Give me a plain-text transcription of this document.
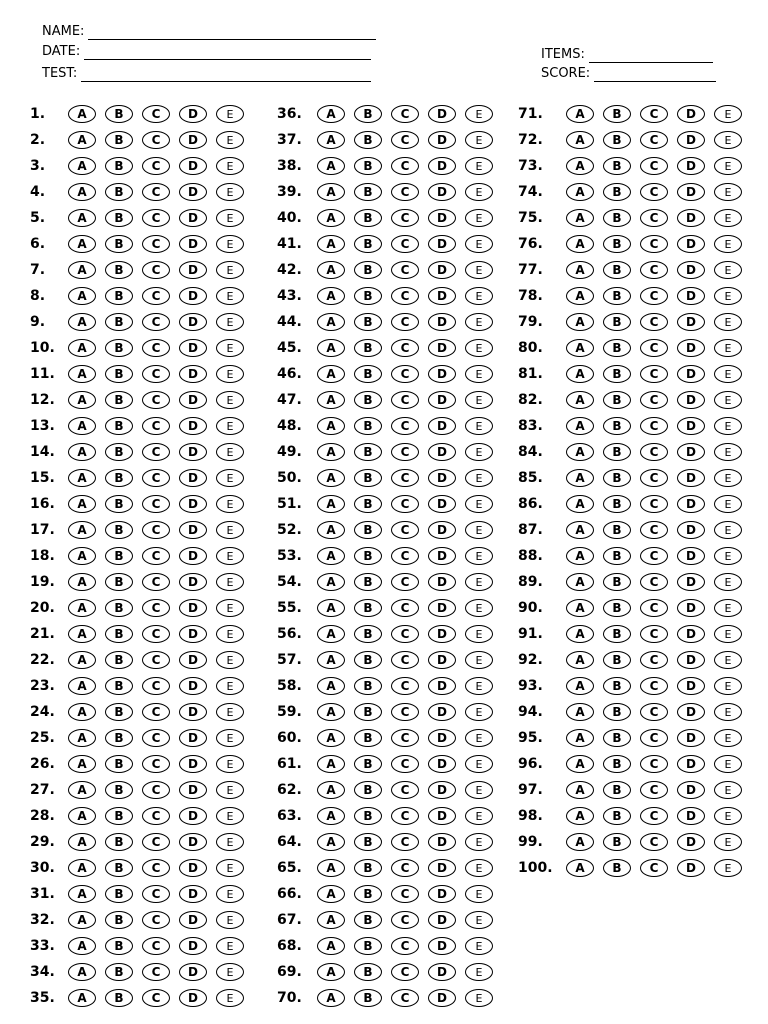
NAME:
DATE:
TEST:
ITEMS:
SCORE:
1.	A	B	C	D	E
2.	A	B	C	D	E
3.	A	B	C	D	E
4.	A	B	C	D	E
5.	A	B	C	D	E
6.	A	B	C	D	E
7.	A	B	C	D	E
8.	A	B	C	D	E
9.	A	B	C	D	E
10.	A	B	C	D	E
11.	A	B	C	D	E
12.	A	B	C	D	E
13.	A	B	C	D	E
14.	A	B	C	D	E
15.	A	B	C	D	E
16.	A	B	C	D	E
17.	A	B	C	D	E
18.	A	B	C	D	E
19.	A	B	C	D	E
20.	A	B	C	D	E
21.	A	B	C	D	E
22.	A	B	C	D	E
23.	A	B	C	D	E
24.	A	B	C	D	E
25.	A	B	C	D	E
26.	A	B	C	D	E
27.	A	B	C	D	E
28.	A	B	C	D	E
29.	A	B	C	D	E
30.	A	B	C	D	E
31.	A	B	C	D	E
32.	A	B	C	D	E
33.	A	B	C	D	E
34.	A	B	C	D	E
35.	A	B	C	D	E
36.	A	B	C	D	E
37.	A	B	C	D	E
38.	A	B	C	D	E
39.	A	B	C	D	E
40.	A	B	C	D	E
41.	A	B	C	D	E
42.	A	B	C	D	E
43.	A	B	C	D	E
44.	A	B	C	D	E
45.	A	B	C	D	E
46.	A	B	C	D	E
47.	A	B	C	D	E
48.	A	B	C	D	E
49.	A	B	C	D	E
50.	A	B	C	D	E
51.	A	B	C	D	E
52.	A	B	C	D	E
53.	A	B	C	D	E
54.	A	B	C	D	E
55.	A	B	C	D	E
56.	A	B	C	D	E
57.	A	B	C	D	E
58.	A	B	C	D	E
59.	A	B	C	D	E
60.	A	B	C	D	E
61.	A	B	C	D	E
62.	A	B	C	D	E
63.	A	B	C	D	E
64.	A	B	C	D	E
65.	A	B	C	D	E
66.	A	B	C	D	E
67.	A	B	C	D	E
68.	A	B	C	D	E
69.	A	B	C	D	E
70.	A	B	C	D	E
71.	A	B	C	D	E
72.	A	B	C	D	E
73.	A	B	C	D	E
74.	A	B	C	D	E
75.	A	B	C	D	E
76.	A	B	C	D	E
77.	A	B	C	D	E
78.	A	B	C	D	E
79.	A	B	C	D	E
80.	A	B	C	D	E
81.	A	B	C	D	E
82.	A	B	C	D	E
83.	A	B	C	D	E
84.	A	B	C	D	E
85.	A	B	C	D	E
86.	A	B	C	D	E
87.	A	B	C	D	E
88.	A	B	C	D	E
89.	A	B	C	D	E
90.	A	B	C	D	E
91.	A	B	C	D	E
92.	A	B	C	D	E
93.	A	B	C	D	E
94.	A	B	C	D	E
95.	A	B	C	D	E
96.	A	B	C	D	E
97.	A	B	C	D	E
98.	A	B	C	D	E
99.	A	B	C	D	E
100.	A	B	C	D	E
